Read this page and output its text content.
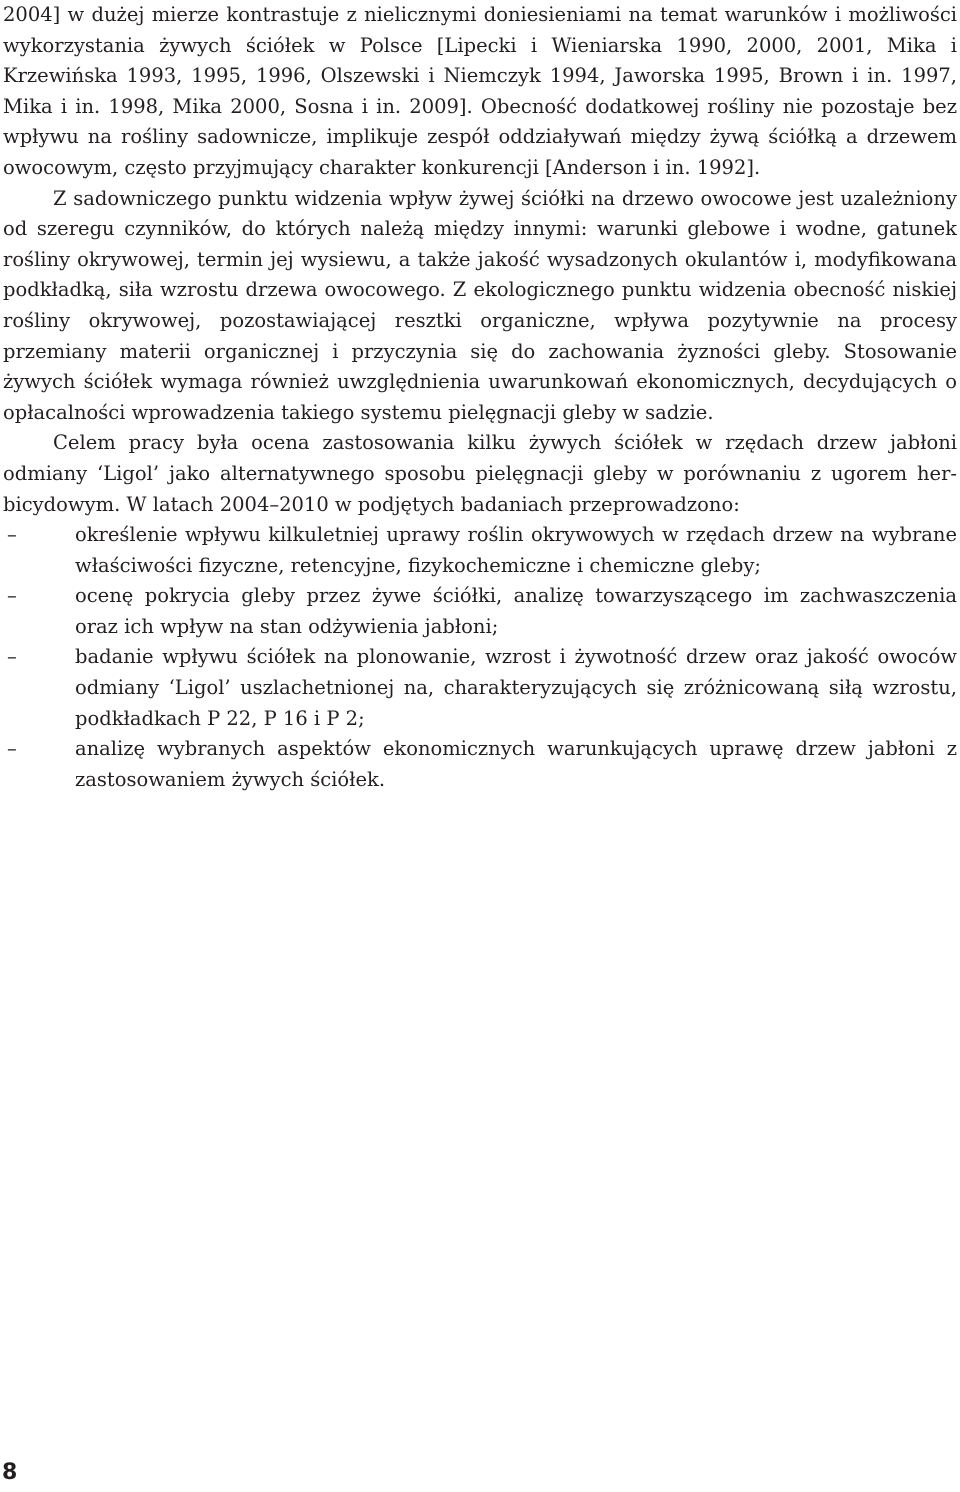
2004] w dużej mierze kontrastuje z nielicznymi doniesieniami na temat warunków i możliwości wykorzystania żywych ściółek w Polsce [Lipecki i Wieniarska 1990, 2000, 2001, Mika i Krzewińska 1993, 1995, 1996, Olszewski i Niemczyk 1994, Jaworska 1995, Brown i in. 1997, Mika i in. 1998, Mika 2000, Sosna i in. 2009]. Obecność dodatkowej rośliny nie pozostaje bez wpływu na rośliny sadownicze, implikuje zespół oddziaływań między żywą ściółką a drzewem owocowym, często przyjmujący charakter konkurencji [Anderson i in. 1992].

Z sadowniczego punktu widzenia wpływ żywej ściółki na drzewo owocowe jest uzależniony od szeregu czynników, do których należą między innymi: warunki glebowe i wodne, gatunek rośliny okrywowej, termin jej wysiewu, a także jakość wysadzonych okulantów i, modyfikowana podkładką, siła wzrostu drzewa owocowego. Z ekologicznego punktu widzenia obecność niskiej rośliny okrywowej, pozostawiającej resztki organiczne, wpływa pozytywnie na procesy przemiany materii organicznej i przyczynia się do zachowania żyzności gleby. Stosowanie żywych ściółek wymaga również uwzględnienia uwarunkowań ekonomicznych, decydujących o opłacalności wprowadzenia takiego systemu pielęgnacji gleby w sadzie.

Celem pracy była ocena zastosowania kilku żywych ściółek w rzędach drzew jabłoni odmiany ‘Ligol’ jako alternatywnego sposobu pielęgnacji gleby w porównaniu z ugorem herbicydowym. W latach 2004–2010 w podjętych badaniach przeprowadzono:

–	określenie wpływu kilkuletniej uprawy roślin okrywowych w rzędach drzew na wybrane właściwości fizyczne, retencyjne, fizykochemiczne i chemiczne gleby;
–	ocenę pokrycia gleby przez żywe ściółki, analizę towarzyszącego im zachwaszczenia oraz ich wpływ na stan odżywienia jabłoni;
–	badanie wpływu ściółek na plonowanie, wzrost i żywotność drzew oraz jakość owoców odmiany ‘Ligol’ uszlachetnionej na, charakteryzujących się zróżnicowaną siłą wzrostu, podkładkach P 22, P 16 i P 2;
–	analizę wybranych aspektów ekonomicznych warunkujących uprawę drzew jabłoni z zastosowaniem żywych ściółek.
8
